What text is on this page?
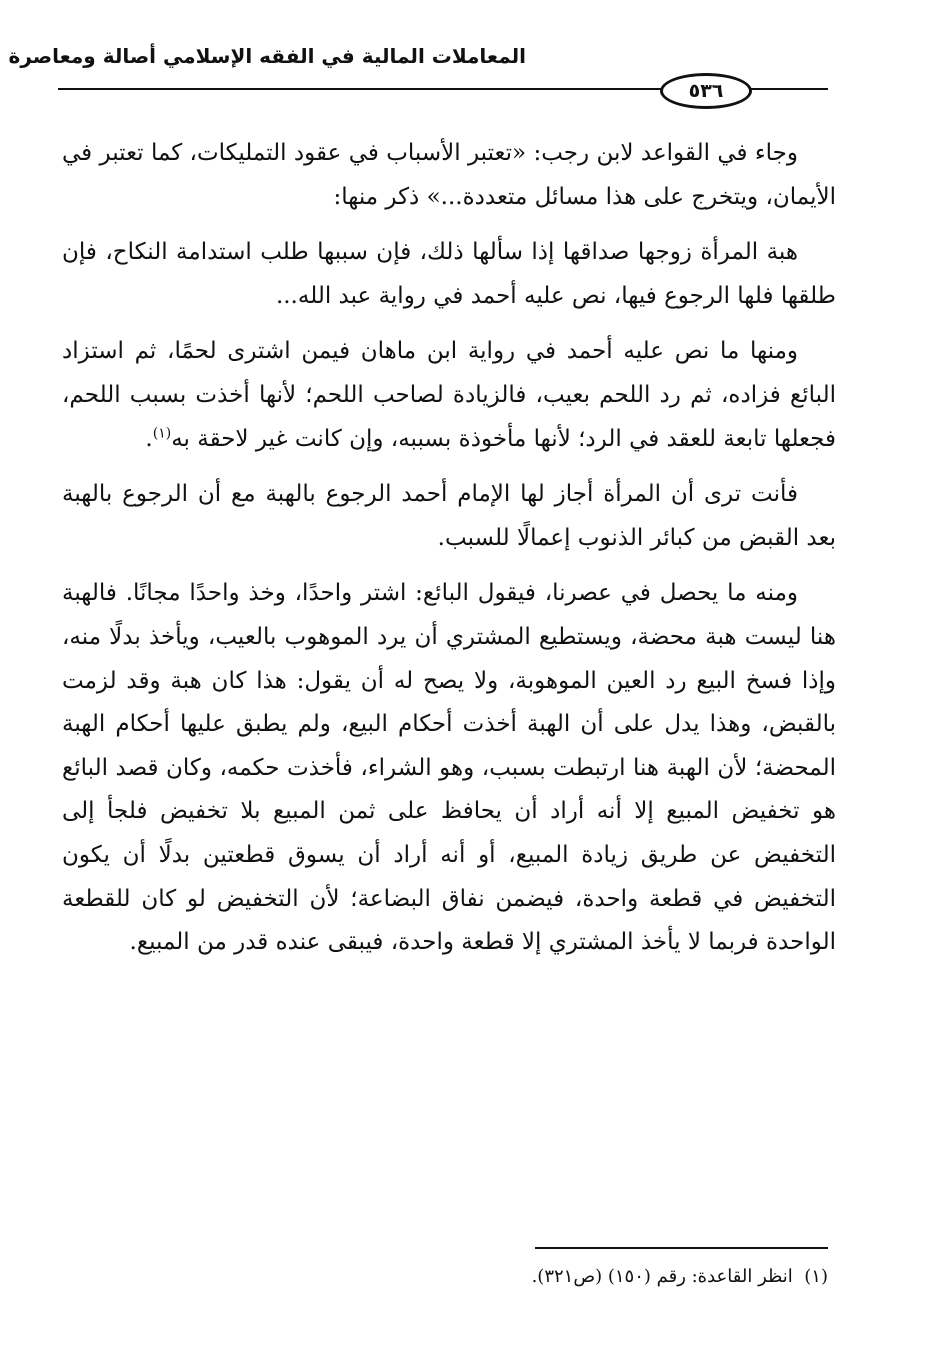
المعاملات المالية في الفقه الإسلامي أصالة ومعاصرة
٥٣٦

وجاء في القواعد لابن رجب: «تعتبر الأسباب في عقود التمليكات، كما تعتبر في الأيمان، ويتخرج على هذا مسائل متعددة...» ذكر منها:

هبة المرأة زوجها صداقها إذا سألها ذلك، فإن سببها طلب استدامة النكاح، فإن طلقها فلها الرجوع فيها، نص عليه أحمد في رواية عبد الله...

ومنها ما نص عليه أحمد في رواية ابن ماهان فيمن اشترى لحمًا، ثم استزاد البائع فزاده، ثم رد اللحم بعيب، فالزيادة لصاحب اللحم؛ لأنها أخذت بسبب اللحم، فجعلها تابعة للعقد في الرد؛ لأنها مأخوذة بسببه، وإن كانت غير لاحقة به$^{(١)}$.

فأنت ترى أن المرأة أجاز لها الإمام أحمد الرجوع بالهبة مع أن الرجوع بالهبة بعد القبض من كبائر الذنوب إعمالًا للسبب.

ومنه ما يحصل في عصرنا، فيقول البائع: اشتر واحدًا، وخذ واحدًا مجانًا. فالهبة هنا ليست هبة محضة، ويستطيع المشتري أن يرد الموهوب بالعيب، ويأخذ بدلًا منه، وإذا فسخ البيع رد العين الموهوبة، ولا يصح له أن يقول: هذا كان هبة وقد لزمت بالقبض، وهذا يدل على أن الهبة أخذت أحكام البيع، ولم يطبق عليها أحكام الهبة المحضة؛ لأن الهبة هنا ارتبطت بسبب، وهو الشراء، فأخذت حكمه، وكان قصد البائع هو تخفيض المبيع إلا أنه أراد أن يحافظ على ثمن المبيع بلا تخفيض فلجأ إلى التخفيض عن طريق زيادة المبيع، أو أنه أراد أن يسوق قطعتين بدلًا أن يكون التخفيض في قطعة واحدة، فيضمن نفاق البضاعة؛ لأن التخفيض لو كان للقطعة الواحدة فربما لا يأخذ المشتري إلا قطعة واحدة، فيبقى عنده قدر من المبيع.

(١)  انظر القاعدة: رقم (١٥٠) (ص٣٢١).
